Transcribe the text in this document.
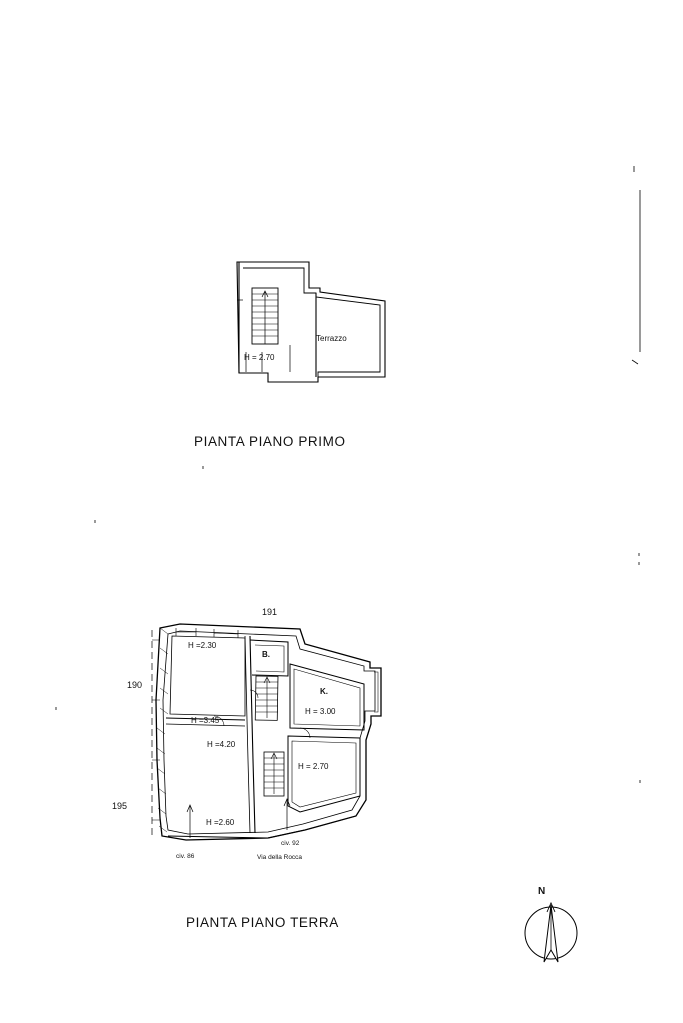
Terrazzo
H = 2.70
PIANTA PIANO PRIMO
191
190
195
H =2.30
B.
K.
H = 3.00
H =3.45
H =4.20
H = 2.70
H =2.60
civ. 86
civ. 92
Via della Rocca
PIANTA PIANO TERRA
N
